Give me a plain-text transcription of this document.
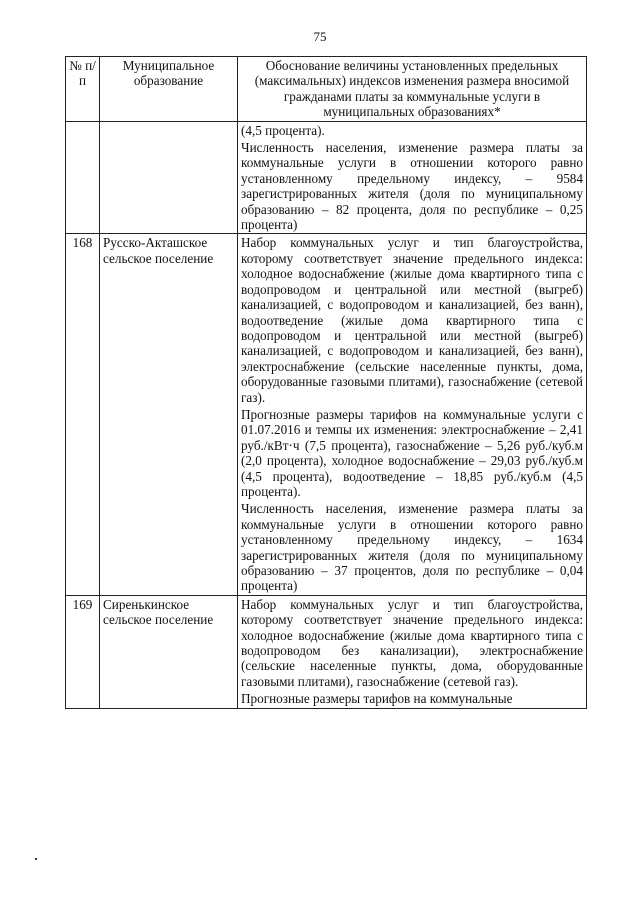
75
№ п/п	Муниципальное образование	Обоснование величины установленных предельных (максимальных) индексов изменения размера вносимой гражданами платы за коммунальные услуги в муниципальных образованиях*

		(4,5 процента).

Численность населения, изменение размера платы за коммунальные услуги в отношении которого равно установленному предельному индексу, – 9584 зарегистрированных жителя (доля по муниципальному образованию – 82 процента, доля по республике – 0,25 процента)

168	Русско-Акташское сельское поселение	Набор коммунальных услуг и тип благоустройства, которому соответствует значение предельного индекса: холодное водоснабжение (жилые дома квартирного типа с водопроводом и центральной или местной (выгреб) канализацией, с водопроводом и канализацией, без ванн), водоотведение (жилые дома квартирного типа с водопроводом и центральной или местной (выгреб) канализацией, с водопроводом и канализацией, без ванн), электроснабжение (сельские населенные пункты, дома, оборудованные газовыми плитами), газоснабжение (сетевой газ).

Прогнозные размеры тарифов на коммунальные услуги с 01.07.2016 и темпы их изменения: электроснабжение – 2,41 руб./кВт·ч (7,5 процента), газоснабжение – 5,26 руб./куб.м (2,0 процента), холодное водоснабжение – 29,03 руб./куб.м (4,5 процента), водоотведение – 18,85 руб./куб.м (4,5 процента).

Численность населения, изменение размера платы за коммунальные услуги в отношении которого равно установленному предельному индексу, – 1634 зарегистрированных жителя (доля по муниципальному образованию – 37 процентов, доля по республике – 0,04 процента)

169	Сиренькинское сельское поселение	Набор коммунальных услуг и тип благоустройства, которому соответствует значение предельного индекса: холодное водоснабжение (жилые дома квартирного типа с водопроводом без канализации), электроснабжение (сельские населенные пункты, дома, оборудованные газовыми плитами), газоснабжение (сетевой газ).

Прогнозные размеры тарифов на коммунальные
